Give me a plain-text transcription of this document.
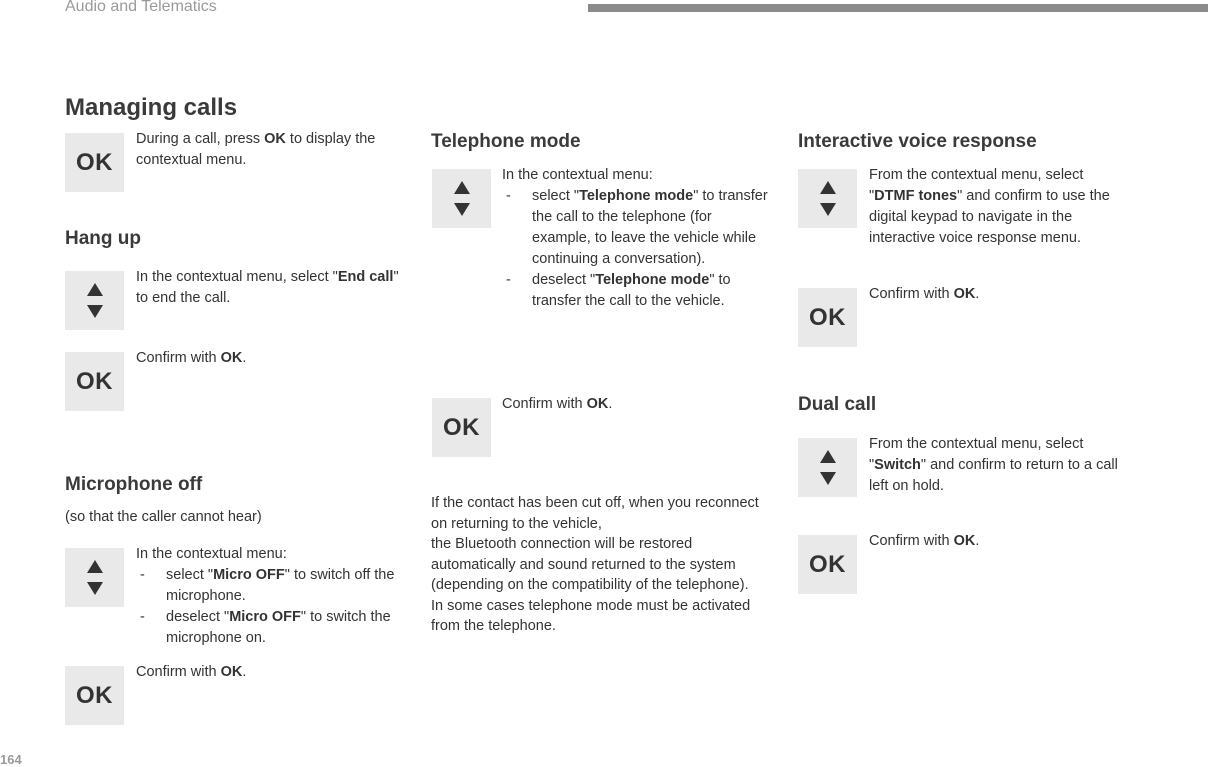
Audio and Telematics
164
Managing calls
OK

During a call, press OK to display the contextual menu.

Hang up

In the contextual menu, select "End call" to end the call.

OK

Confirm with OK.

Microphone off
(so that the caller cannot hear)

In the contextual menu:

- select "Micro OFF" to switch off the microphone.
- deselect "Micro OFF" to switch the microphone on.
OK

Confirm with OK.

Telephone mode

In the contextual menu:

- select "Telephone mode" to transfer the call to the telephone (for example, to leave the vehicle while continuing a conversation).
- deselect "Telephone mode" to transfer the call to the vehicle.
OK

Confirm with OK.

If the contact has been cut off, when you reconnect on returning to the vehicle,

the Bluetooth connection will be restored automatically and sound returned to the system (depending on the compatibility of the telephone).

In some cases telephone mode must be activated from the telephone.

Interactive voice response

From the contextual menu, select "DTMF tones" and confirm to use the digital keypad to navigate in the interactive voice response menu.

OK

Confirm with OK.

Dual call

From the contextual menu, select "Switch" and confirm to return to a call left on hold.

OK

Confirm with OK.
